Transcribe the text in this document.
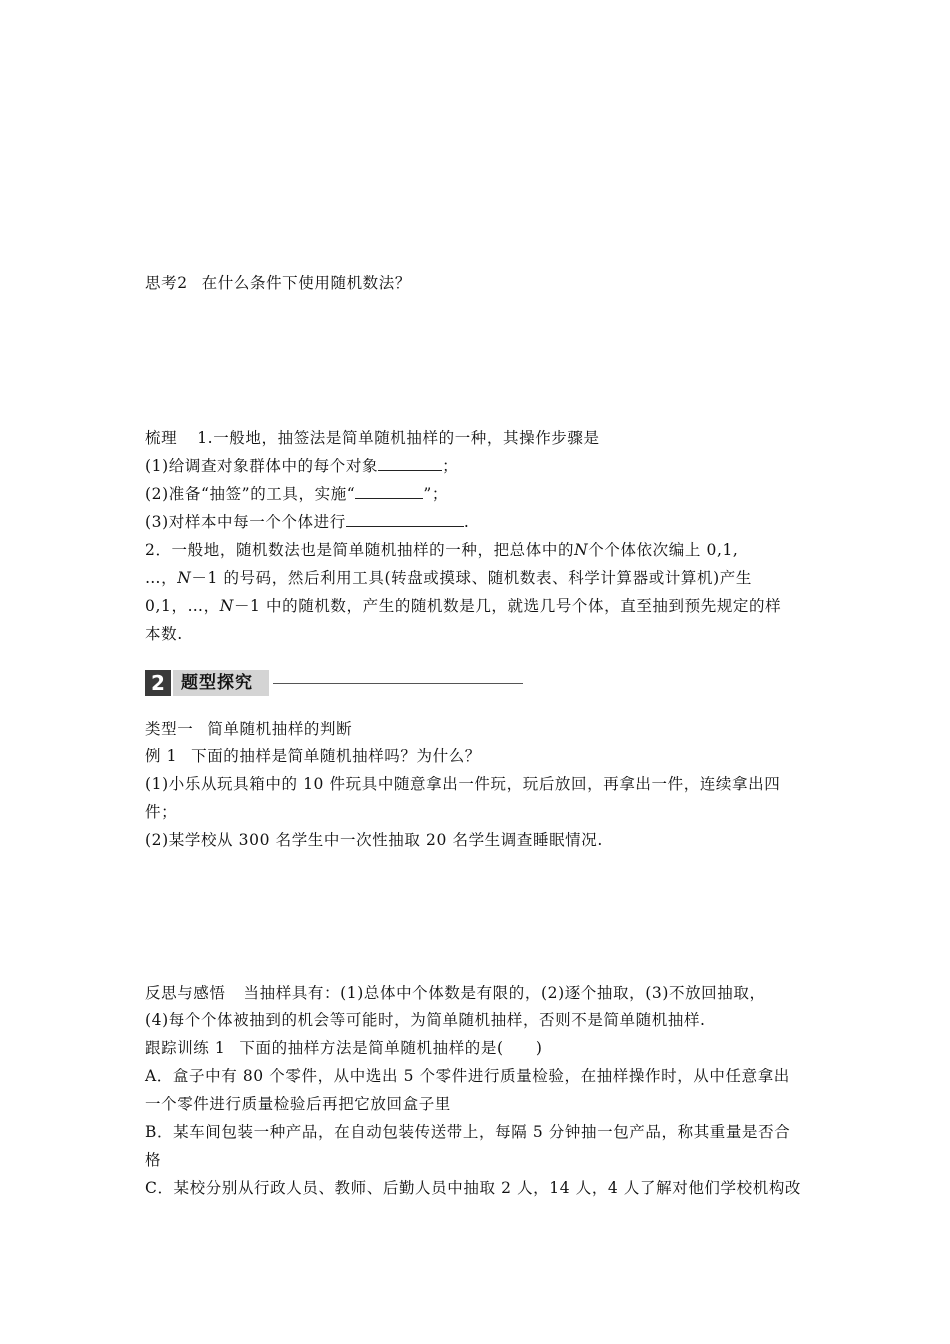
思考2 在什么条件下使用随机数法？
梳理 1.一般地，抽签法是简单随机抽样的一种，其操作步骤是
(1)给调查对象群体中的每个对象	；
(2)准备“抽签”的工具，实施“	”；
(3)对样本中每一个个体进行	.
2．一般地，随机数法也是简单随机抽样的一种，把总体中的N个个体依次编上 0,1,
…，N－1 的号码，然后利用工具(转盘或摸球、随机数表、科学计算器或计算机)产生
0,1，…，N－1 中的随机数，产生的随机数是几，就选几号个体，直至抽到预先规定的样
本数.
2 题型探究
类型一 简单随机抽样的判断
例 1 下面的抽样是简单随机抽样吗？为什么？
(1)小乐从玩具箱中的 10 件玩具中随意拿出一件玩，玩后放回，再拿出一件，连续拿出四
件；
(2)某学校从 300 名学生中一次性抽取 20 名学生调查睡眠情况.
反思与感悟 当抽样具有：(1)总体中个体数是有限的，(2)逐个抽取，(3)不放回抽取，
(4)每个个体被抽到的机会等可能时，为简单随机抽样，否则不是简单随机抽样.
跟踪训练 1 下面的抽样方法是简单随机抽样的是(　　)
A．盒子中有 80 个零件，从中选出 5 个零件进行质量检验，在抽样操作时，从中任意拿出
一个零件进行质量检验后再把它放回盒子里
B．某车间包装一种产品，在自动包装传送带上，每隔 5 分钟抽一包产品，称其重量是否合
格
C．某校分别从行政人员、教师、后勤人员中抽取 2 人，14 人，4 人了解对他们学校机构改
